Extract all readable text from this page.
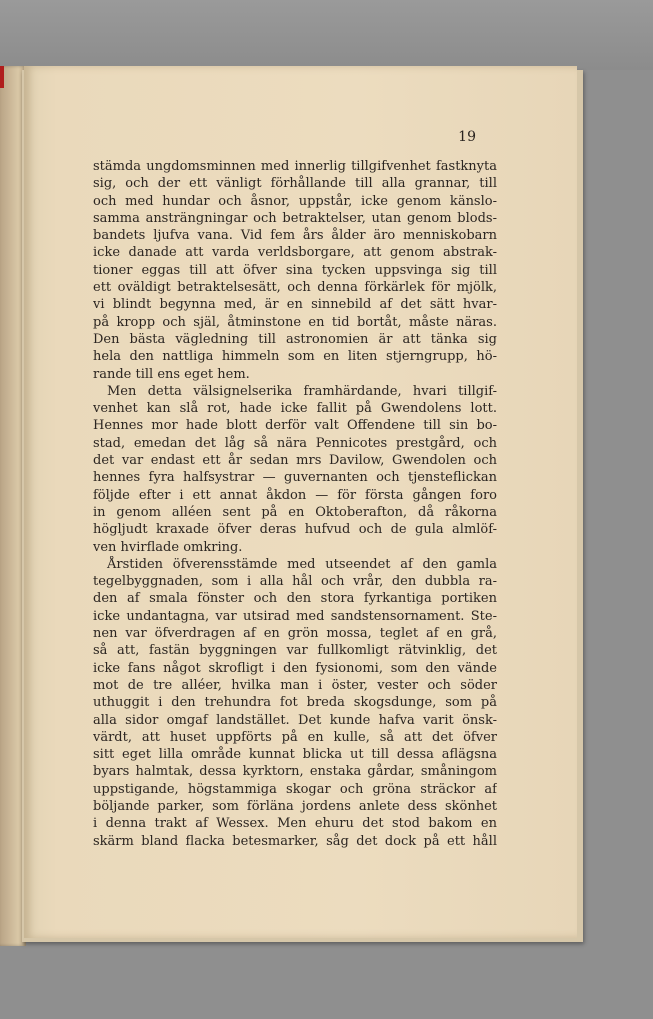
19
stämda ungdomsminnen med innerlig tillgifvenhet fastknyta
sig, och der ett vänligt förhållande till alla grannar, till
och med hundar och åsnor, uppstår, icke genom känslo-
samma ansträngningar och betraktelser, utan genom blods-
bandets ljufva vana. Vid fem års ålder äro menniskobarn
icke danade att varda verldsborgare, att genom abstrak-
tioner eggas till att öfver sina tycken uppsvinga sig till
ett oväldigt betraktelsesätt, och denna förkärlek för mjölk,
vi blindt begynna med, är en sinnebild af det sätt hvar-
på kropp och själ, åtminstone en tid bortåt, måste näras.
Den bästa vägledning till astronomien är att tänka sig
hela den nattliga himmeln som en liten stjerngrupp, hö-
rande till ens eget hem.
Men detta välsignelserika framhärdande, hvari tillgif-
venhet kan slå rot, hade icke fallit på Gwendolens lott.
Hennes mor hade blott derför valt Offendene till sin bo-
stad, emedan det låg så nära Pennicotes prestgård, och
det var endast ett år sedan mrs Davilow, Gwendolen och
hennes fyra halfsystrar — guvernanten och tjensteflickan
följde efter i ett annat åkdon — för första gången foro
in genom alléen sent på en Oktoberafton, då råkorna
högljudt kraxade öfver deras hufvud och de gula almlöf-
ven hvirflade omkring.
Årstiden öfverensstämde med utseendet af den gamla
tegelbyggnaden, som i alla hål och vrår, den dubbla ra-
den af smala fönster och den stora fyrkantiga portiken
icke undantagna, var utsirad med sandstensornament. Ste-
nen var öfverdragen af en grön mossa, teglet af en grå,
så att, fastän byggningen var fullkomligt rätvinklig, det
icke fans något skrofligt i den fysionomi, som den vände
mot de tre alléer, hvilka man i öster, vester och söder
uthuggit i den trehundra fot breda skogsdunge, som på
alla sidor omgaf landstället. Det kunde hafva varit önsk-
värdt, att huset uppförts på en kulle, så att det öfver
sitt eget lilla område kunnat blicka ut till dessa aflägsna
byars halmtak, dessa kyrktorn, enstaka gårdar, småningom
uppstigande, högstammiga skogar och gröna sträckor af
böljande parker, som förläna jordens anlete dess skönhet
i denna trakt af Wessex. Men ehuru det stod bakom en
skärm bland flacka betesmarker, såg det dock på ett håll
